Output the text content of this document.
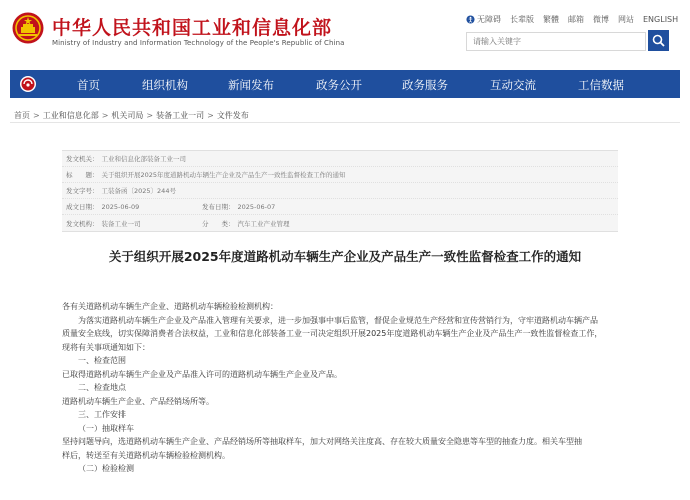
中华人民共和国工业和信息化部
Ministry of Industry and Information Technology of the People's Republic of China
无障碍 长辈版 繁體 邮箱 微博 网站 ENGLISH
请输入关键字
首页	组织机构	新闻发布	政务公开	政务服务	互动交流	工信数据
首页 > 工业和信息化部 > 机关司局 > 装备工业一司 > 文件发布
发文机关： 工业和信息化部装备工业一司
标　　题： 关于组织开展2025年度道路机动车辆生产企业及产品生产一致性监督检查工作的通知
发文字号： 工装备函〔2025〕244号
成文日期： 2025-06-09	发布日期： 2025-06-07
发文机构： 装备工业一司	分　　类： 汽车工业产业管理
关于组织开展2025年度道路机动车辆生产企业及产品生产一致性监督检查工作的通知
各有关道路机动车辆生产企业、道路机动车辆检验检测机构：
为落实道路机动车辆生产企业及产品准入管理有关要求，进一步加强事中事后监管，督促企业规范生产经营和宣传营销行为，守牢道路机动车辆产品
质量安全底线，切实保障消费者合法权益，工业和信息化部装备工业一司决定组织开展2025年度道路机动车辆生产企业及产品生产一致性监督检查工作，
现将有关事项通知如下：
一、检查范围
已取得道路机动车辆生产企业及产品准入许可的道路机动车辆生产企业及产品。
二、检查地点
道路机动车辆生产企业、产品经销场所等。
三、工作安排
（一）抽取样车
坚持问题导向，选道路机动车辆生产企业、产品经销场所等抽取样车，加大对网络关注度高、存在较大质量安全隐患等车型的抽查力度。相关车型抽
样后，转送至有关道路机动车辆检验检测机构。
（二）检验检测
